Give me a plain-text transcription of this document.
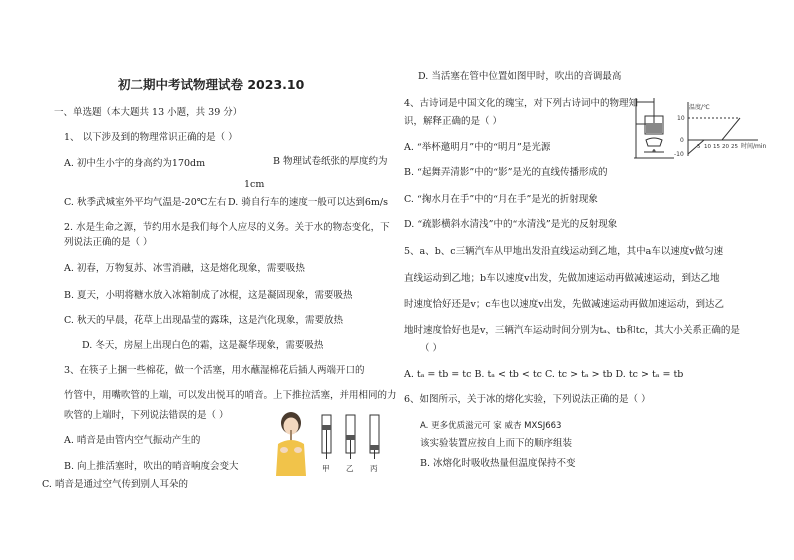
初二期中考试物理试卷 2023.10
一、单选题（本大题共 13 小题，共 39 分）
1、 以下涉及到的物理常识正确的是（ ）
A. 初中生小宇的身高约为170dm	B 物理试卷纸张的厚度约为
1cm
C. 秋季武城室外平均气温是-20℃左右 D. 骑自行车的速度一般可以达到6m/s
2. 水是生命之源，节约用水是我们每个人应尽的义务。关于水的物态变化，下
列说法正确的是（ ）
A. 初春，万物复苏、冰雪消融，这是熔化现象，需要吸热
B. 夏天，小明将糖水放入冰箱制成了冰棍，这是凝固现象，需要吸热
C. 秋天的早晨，花草上出现晶莹的露珠，这是汽化现象，需要放热
D. 冬天，房屋上出现白色的霜，这是凝华现象，需要吸热
3、在筷子上捆一些棉花，做一个活塞，用水蘸湿棉花后插人两端开口的
竹管中，用嘴吹管的上端，可以发出悦耳的哨音。上下推拉活塞，并用相同的力
吹管的上端时，下列说法错误的是（ ）
A. 哨音是由管内空气振动产生的
B. 向上推活塞时，吹出的哨音响度会变大
C. 哨音是通过空气传到别人耳朵的
甲 乙 丙
D. 当活塞在管中位置如图甲时，吹出的音调最高
4、古诗词是中国文化的瑰宝，对下列古诗词中的物理知
识，解释正确的是（ ）
A. “举杯邀明月”中的“明月”是光源
B. “起舞弄清影”中的“影”是光的直线传播形成的
C. “掬水月在手”中的“月在手”是光的折射现象
D. “疏影横斜水清浅”中的“水清浅”是光的反射现象
温度/℃
10
0
-10
5 10 15 20 25 时间/min
5、a、b、c三辆汽车从甲地出发沿直线运动到乙地，其中a车以速度v做匀速
直线运动到乙地；b车以速度v出发，先做加速运动再做减速运动，到达乙地
时速度恰好还是v；c车也以速度v出发，先做减速运动再做加速运动，到达乙
地时速度恰好也是v，三辆汽车运动时间分别为tₐ、tb和tc，其大小关系正确的是
（ ）
A. tₐ = tb = tc B. tₐ < tb < tc C. tc > tₐ > tb D. tc > tₐ = tb
6、如图所示，关于冰的熔化实验，下列说法正确的是（ ）
A. 更多优质滋元可 家 威杏 MXSJ663
该实验装置应按自上而下的顺序组装
B. 冰熔化时吸收热量但温度保持不变
